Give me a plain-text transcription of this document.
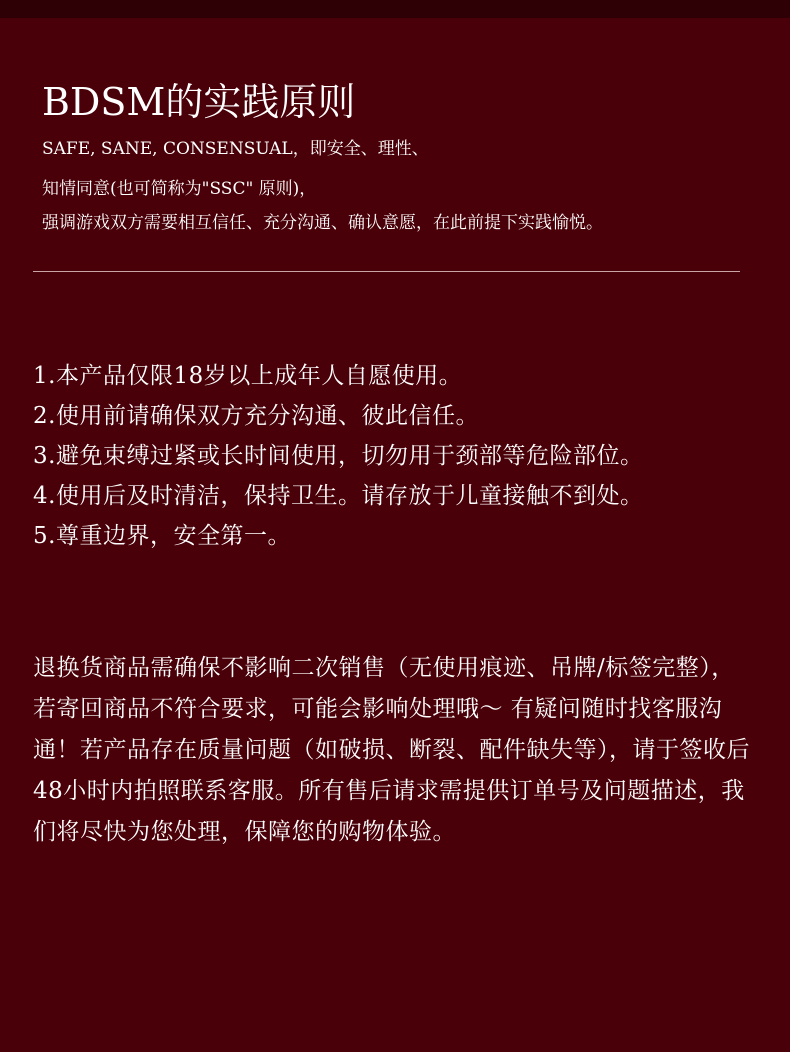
BDSM的实践原则
SAFE, SANE, CONSENSUAL，即安全、理性、
知情同意(也可简称为"SSC" 原则)，
强调游戏双方需要相互信任、充分沟通、确认意愿，在此前提下实践愉悦。
1.本产品仅限18岁以上成年人自愿使用。
2.使用前请确保双方充分沟通、彼此信任。
3.避免束缚过紧或长时间使用，切勿用于颈部等危险部位。
4.使用后及时清洁，保持卫生。请存放于儿童接触不到处。
5.尊重边界，安全第一。
退换货商品需确保不影响二次销售（无使用痕迹、吊牌/标签完整），若寄回商品不符合要求，可能会影响处理哦～ 有疑问随时找客服沟通！若产品存在质量问题（如破损、断裂、配件缺失等），请于签收后48小时内拍照联系客服。所有售后请求需提供订单号及问题描述，我们将尽快为您处理，保障您的购物体验。
